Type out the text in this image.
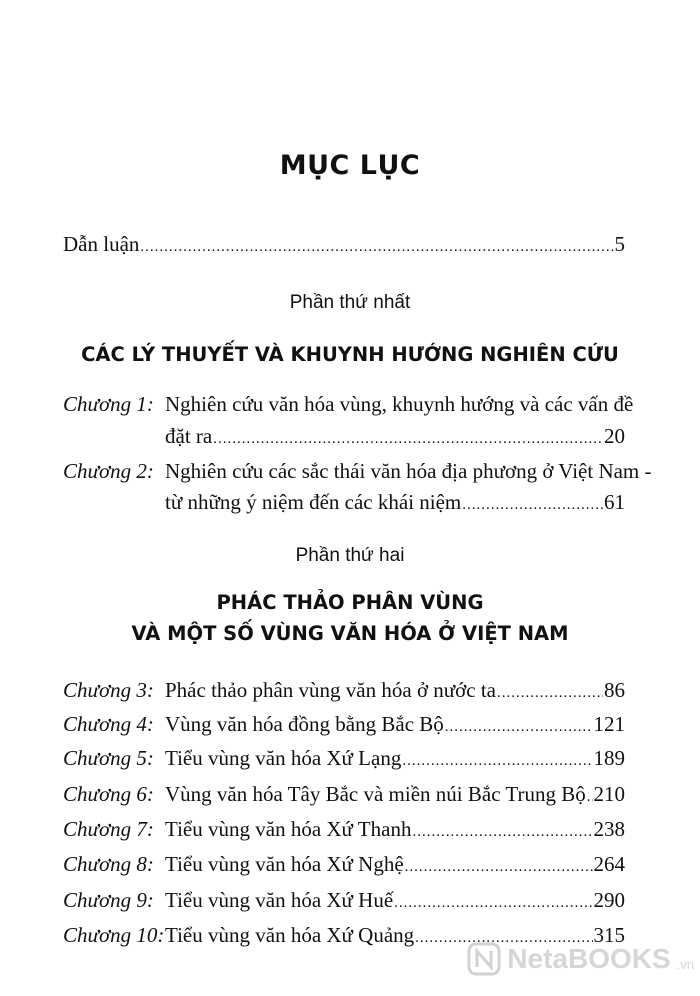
MỤC LỤC
Dẫn luận .....	5
Phần thứ nhất
CÁC LÝ THUYẾT VÀ KHUYNH HƯỚNG NGHIÊN CỨU
Chương 1: Nghiên cứu văn hóa vùng, khuynh hướng và các vấn đề
đặt ra .....	20
Chương 2: Nghiên cứu các sắc thái văn hóa địa phương ở Việt Nam -
từ những ý niệm đến các khái niệm .....	61
Phần thứ hai
PHÁC THẢO PHÂN VÙNG
VÀ MỘT SỐ VÙNG VĂN HÓA Ở VIỆT NAM
Chương 3: Phác thảo phân vùng văn hóa ở nước ta .....	86
Chương 4: Vùng văn hóa đồng bằng Bắc Bộ .....	121
Chương 5: Tiểu vùng văn hóa Xứ Lạng .....	189
Chương 6: Vùng văn hóa Tây Bắc và miền núi Bắc Trung Bộ ..... 210
Chương 7: Tiểu vùng văn hóa Xứ Thanh .....	238
Chương 8: Tiểu vùng văn hóa Xứ Nghệ .....	264
Chương 9: Tiểu vùng văn hóa Xứ Huế .....	290
Chương 10: Tiểu vùng văn hóa Xứ Quảng .....	315
NetaBOOKS .vn
